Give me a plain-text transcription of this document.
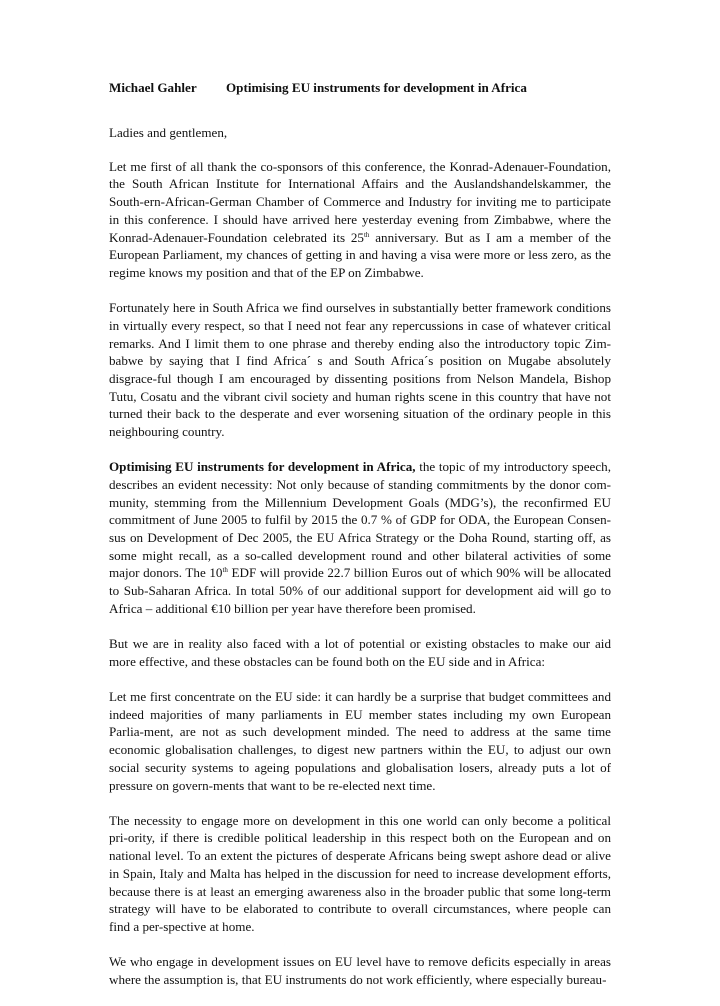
Michael Gahler Optimising EU instruments for development in Africa

Ladies and gentlemen,

Let me first of all thank the co-sponsors of this conference, the Konrad-Adenauer-Foundation, the South African Institute for International Affairs and the Auslandshandelskammer, the South-ern-African-German Chamber of Commerce and Industry for inviting me to participate in this conference. I should have arrived here yesterday evening from Zimbabwe, where the Konrad-Adenauer-Foundation celebrated its 25th anniversary. But as I am a member of the European Parliament, my chances of getting in and having a visa were more or less zero, as the regime knows my position and that of the EP on Zimbabwe.

Fortunately here in South Africa we find ourselves in substantially better framework conditions in virtually every respect, so that I need not fear any repercussions in case of whatever critical remarks. And I limit them to one phrase and thereby ending also the introductory topic Zim-babwe by saying that I find Africa´ s and South Africa´s position on Mugabe absolutely disgrace-ful though I am encouraged by dissenting positions from Nelson Mandela, Bishop Tutu, Cosatu and the vibrant civil society and human rights scene in this country that have not turned their back to the desperate and ever worsening situation of the ordinary people in this neighbouring country.

Optimising EU instruments for development in Africa, the topic of my introductory speech, describes an evident necessity: Not only because of standing commitments by the donor com-munity, stemming from the Millennium Development Goals (MDG’s), the reconfirmed EU commitment of June 2005 to fulfil by 2015 the 0.7 % of GDP for ODA, the European Consen-sus on Development of Dec 2005, the EU Africa Strategy or the Doha Round, starting off, as some might recall, as a so-called development round and other bilateral activities of some major donors. The 10th EDF will provide 22.7 billion Euros out of which 90% will be allocated to Sub-Saharan Africa. In total 50% of our additional support for development aid will go to Africa – additional €10 billion per year have therefore been promised.

But we are in reality also faced with a lot of potential or existing obstacles to make our aid more effective, and these obstacles can be found both on the EU side and in Africa:

Let me first concentrate on the EU side: it can hardly be a surprise that budget committees and indeed majorities of many parliaments in EU member states including my own European Parlia-ment, are not as such development minded. The need to address at the same time economic globalisation challenges, to digest new partners within the EU, to adjust our own social security systems to ageing populations and globalisation losers, already puts a lot of pressure on govern-ments that want to be re-elected next time.

The necessity to engage more on development in this one world can only become a political pri-ority, if there is credible political leadership in this respect both on the European and on national level. To an extent the pictures of desperate Africans being swept ashore dead or alive in Spain, Italy and Malta has helped in the discussion for need to increase development efforts, because there is at least an emerging awareness also in the broader public that some long-term strategy will have to be elaborated to contribute to overall circumstances, where people can find a per-spective at home.

We who engage in development issues on EU level have to remove deficits especially in areas where the assumption is, that EU instruments do not work efficiently, where especially bureau-
